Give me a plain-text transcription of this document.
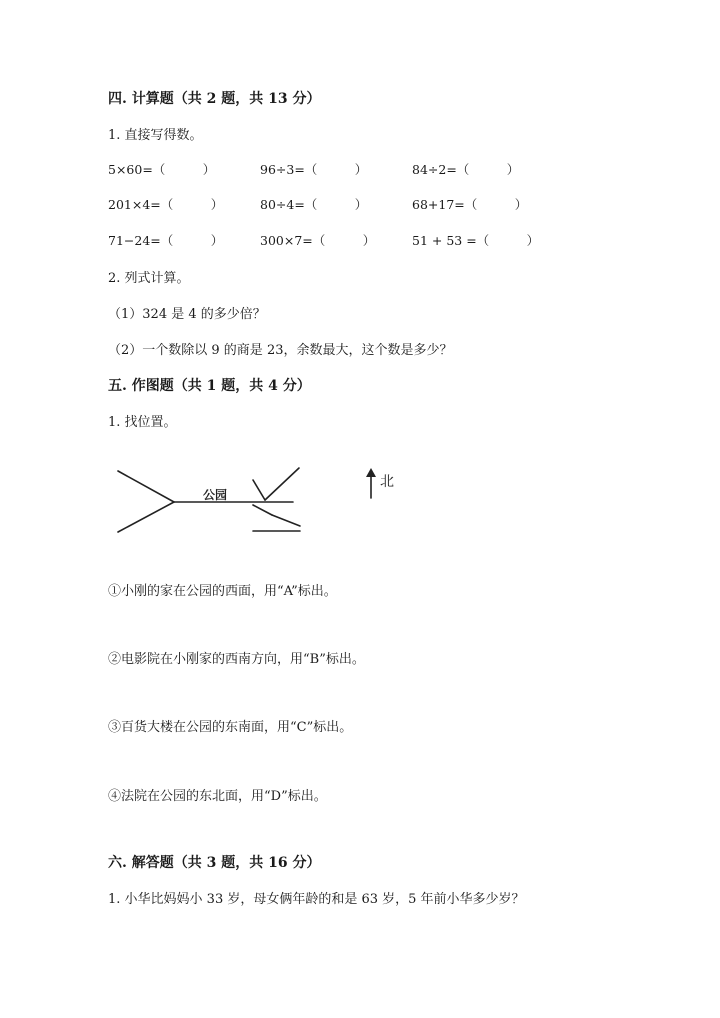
四. 计算题（共 2 题，共 13 分）
1. 直接写得数。
5×60=（　　　）	96÷3=（　　　）	84÷2=（　　　）
201×4=（　　　）	80÷4=（　　　）	68+17=（　　　）
71−24=（　　　）	300×7=（　　　）	51 + 53 =（　　　）
2. 列式计算。
（1）324 是 4 的多少倍？
（2）一个数除以 9 的商是 23，余数最大，这个数是多少？
五. 作图题（共 1 题，共 4 分）
1. 找位置。
公园
北
①小刚的家在公园的西面，用“A”标出。
②电影院在小刚家的西南方向，用“B”标出。
③百货大楼在公园的东南面，用“C”标出。
④法院在公园的东北面，用“D”标出。
六. 解答题（共 3 题，共 16 分）
1. 小华比妈妈小 33 岁，母女俩年龄的和是 63 岁，5 年前小华多少岁？
